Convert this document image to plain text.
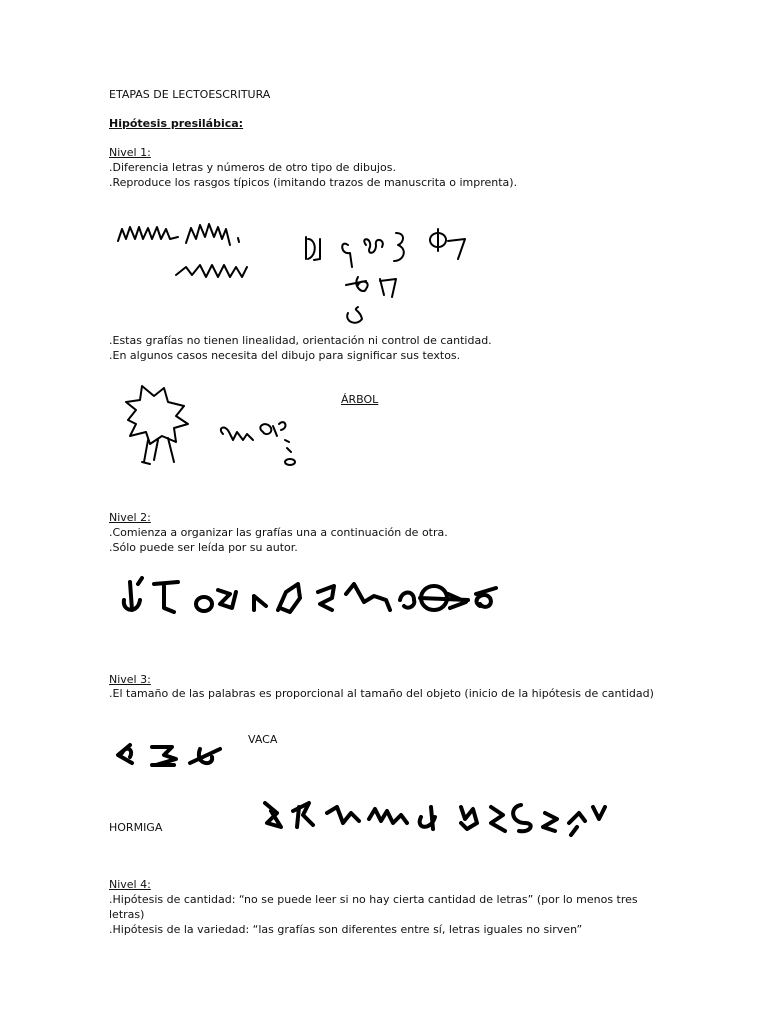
ETAPAS DE LECTOESCRITURA
Hipótesis presilábica:
Nivel 1:
.Diferencia letras y números de otro tipo de dibujos.
.Reproduce los rasgos típicos (imitando trazos de manuscrita o imprenta).
.Estas grafías no tienen linealidad, orientación ni control de cantidad.
.En algunos casos necesita del dibujo para significar sus textos.
ÁRBOL
Nivel 2:
.Comienza a organizar las grafías una a continuación de otra.
.Sólo puede ser leída por su autor.
Nivel 3:
.El tamaño de las palabras es proporcional al tamaño del objeto (inicio de la hipótesis de cantidad)
VACA
HORMIGA
Nivel 4:
.Hipótesis de cantidad: “no se puede leer si no hay cierta cantidad de letras” (por lo menos tres letras)
.Hipótesis de la variedad: “las grafías son diferentes entre sí, letras iguales no sirven”
